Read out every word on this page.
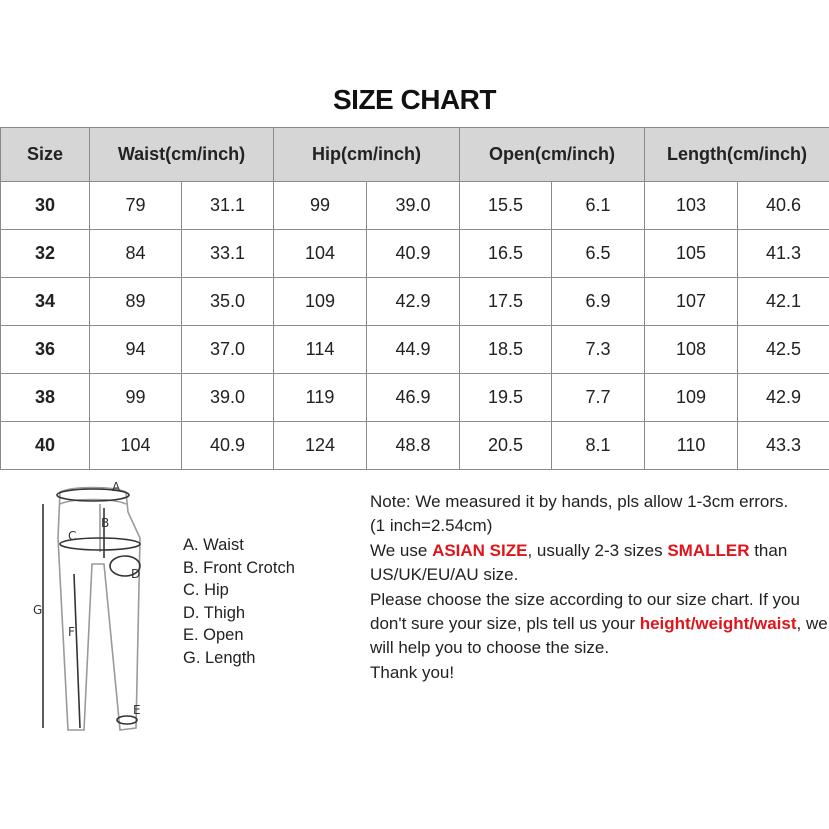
SIZE CHART
Size	Waist(cm/inch)		Hip(cm/inch)		Open(cm/inch)		Length(cm/inch)	
30	79	31.1	99	39.0	15.5	6.1	103	40.6
32	84	33.1	104	40.9	16.5	6.5	105	41.3
34	89	35.0	109	42.9	17.5	6.9	107	42.1
36	94	37.0	114	44.9	18.5	7.3	108	42.5
38	99	39.0	119	46.9	19.5	7.7	109	42.9
40	104	40.9	124	48.8	20.5	8.1	110	43.3
A
B
C
D
E
F
G
A. Waist
B. Front Crotch
C. Hip
D. Thigh
E. Open
G. Length

Note: We measured it by hands, pls allow 1-3cm errors.

(1 inch=2.54cm)

We use ASIAN SIZE, usually 2-3 sizes SMALLER than US/UK/EU/AU size.

Please choose the size according to our size chart. If you don't sure your size, pls tell us your height/weight/waist, we will help you to choose the size.

Thank you!
